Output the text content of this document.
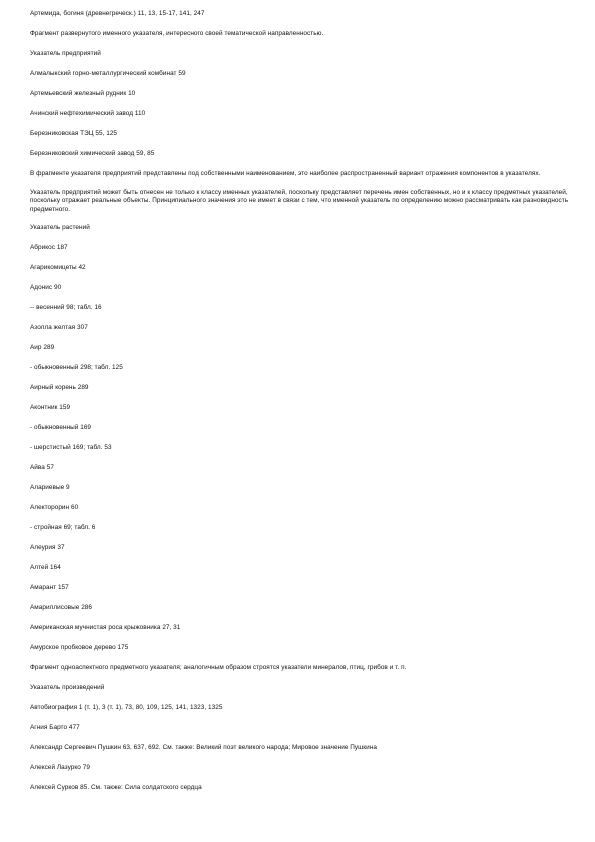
Артемида, богиня (древнегреческ.) 11, 13, 15-17, 141, 247

Фрагмент развернутого именного указателя, интересного своей тематической направленностью.

Указатель предприятий

Алмалыкский горно-металлургический комбинат 59

Артемьевский железный рудник 10

Ачинский нефтехимический завод 110

Березниковская ТЭЦ 55, 125

Березниковский химический завод 59, 85

В фрагменте указателя предприятий представлены под собственными наименованием, это наиболее распространенный вариант отражения компонентов в указателях.

Указатель предприятий может быть отнесен не только к классу именных указателей, поскольку представляет перечень имен собственных, но и к классу предметных указателей, поскольку отражает реальные объекты. Принципиального значения это не имеет в связи с тем, что именной указатель по определению можно рассматривать как разновидность предметного.

Указатель растений

Абрикос 187

Агарикомицеты 42

Адонис 90

-- весенний 98; табл. 16

Азолла желтая 307

Аир 289

- обыкновенный 298; табл. 125

Аирный корень 289

Аконтник 159

- обыкновенный 169

- шерстистый 169; табл. 53

Айва 57

Алариевые 9

Алекторорин 60

- стройная 69; табл. 6

Алеурия 37

Алтей 164

Амарант 157

Амариллисовые 286

Американская мучнистая роса крыжовника 27, 31

Амурское пробковое дерево 175

Фрагмент одноаспектного предметного указателя; аналогичным образом строятся указатели минералов, птиц, грибов и т. п.

Указатель произведений

Автобиография 1 (т. 1), 3 (т. 1), 73, 80, 109, 125, 141, 1323, 1325

Агния Барто 477

Александр Сергеевич Пушкин 63, 637, 692. См. также: Великий поэт великого народа; Мировое значение Пушкина

Алексей Лазурко 79

Алексей Сурков 85. См. также: Сила солдатского сердца
